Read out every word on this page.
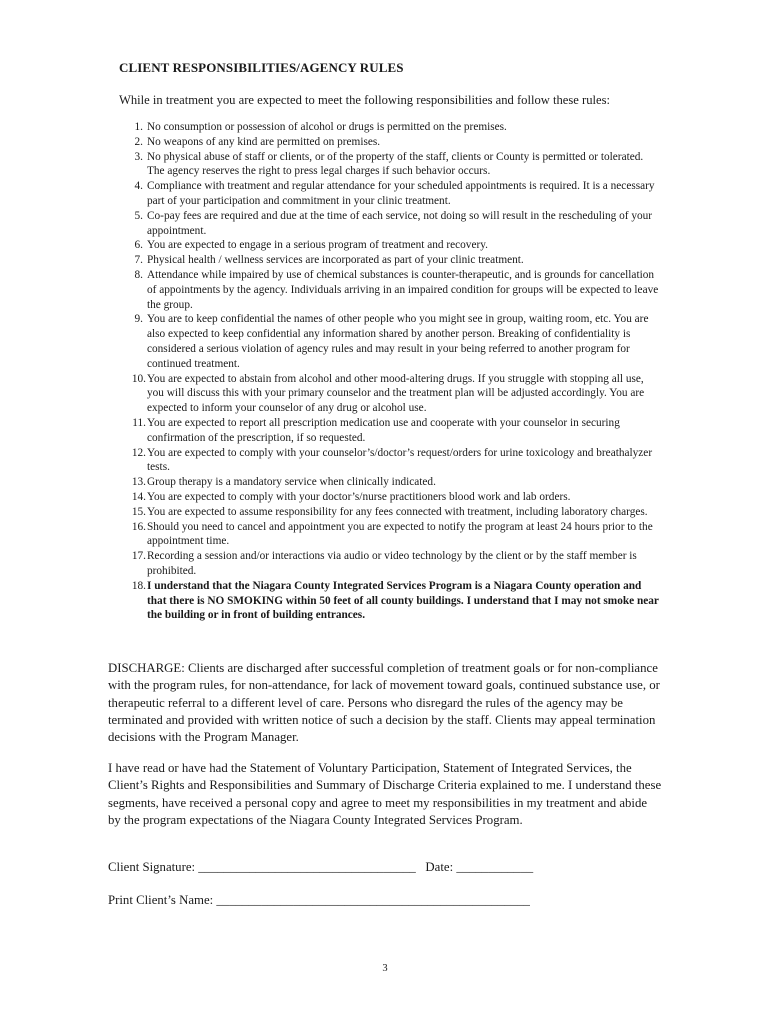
CLIENT RESPONSIBILITIES/AGENCY RULES
While in treatment you are expected to meet the following responsibilities and follow these rules:
1. No consumption or possession of alcohol or drugs is permitted on the premises.
2. No weapons of any kind are permitted on premises.
3. No physical abuse of staff or clients, or of the property of the staff, clients or County is permitted or tolerated. The agency reserves the right to press legal charges if such behavior occurs.
4. Compliance with treatment and regular attendance for your scheduled appointments is required. It is a necessary part of your participation and commitment in your clinic treatment.
5. Co-pay fees are required and due at the time of each service, not doing so will result in the rescheduling of your appointment.
6. You are expected to engage in a serious program of treatment and recovery.
7. Physical health / wellness services are incorporated as part of your clinic treatment.
8. Attendance while impaired by use of chemical substances is counter-therapeutic, and is grounds for cancellation of appointments by the agency. Individuals arriving in an impaired condition for groups will be expected to leave the group.
9. You are to keep confidential the names of other people who you might see in group, waiting room, etc. You are also expected to keep confidential any information shared by another person. Breaking of confidentiality is considered a serious violation of agency rules and may result in your being referred to another program for continued treatment.
10. You are expected to abstain from alcohol and other mood-altering drugs. If you struggle with stopping all use, you will discuss this with your primary counselor and the treatment plan will be adjusted accordingly. You are expected to inform your counselor of any drug or alcohol use.
11. You are expected to report all prescription medication use and cooperate with your counselor in securing confirmation of the prescription, if so requested.
12. You are expected to comply with your counselor’s/doctor’s request/orders for urine toxicology and breathalyzer tests.
13. Group therapy is a mandatory service when clinically indicated.
14. You are expected to comply with your doctor’s/nurse practitioners blood work and lab orders.
15. You are expected to assume responsibility for any fees connected with treatment, including laboratory charges.
16. Should you need to cancel and appointment you are expected to notify the program at least 24 hours prior to the appointment time.
17. Recording a session and/or interactions via audio or video technology by the client or by the staff member is prohibited.
18. I understand that the Niagara County Integrated Services Program is a Niagara County operation and that there is NO SMOKING within 50 feet of all county buildings. I understand that I may not smoke near the building or in front of building entrances.

DISCHARGE: Clients are discharged after successful completion of treatment goals or for non-compliance with the program rules, for non-attendance, for lack of movement toward goals, continued substance use, or therapeutic referral to a different level of care. Persons who disregard the rules of the agency may be terminated and provided with written notice of such a decision by the staff. Clients may appeal termination decisions with the Program Manager.

I have read or have had the Statement of Voluntary Participation, Statement of Integrated Services, the Client’s Rights and Responsibilities and Summary of Discharge Criteria explained to me. I understand these segments, have received a personal copy and agree to meet my responsibilities in my treatment and abide by the program expectations of the Niagara County Integrated Services Program.

Client Signature: __________________________________   Date: ____________
Print Client’s Name: _________________________________________________
3
